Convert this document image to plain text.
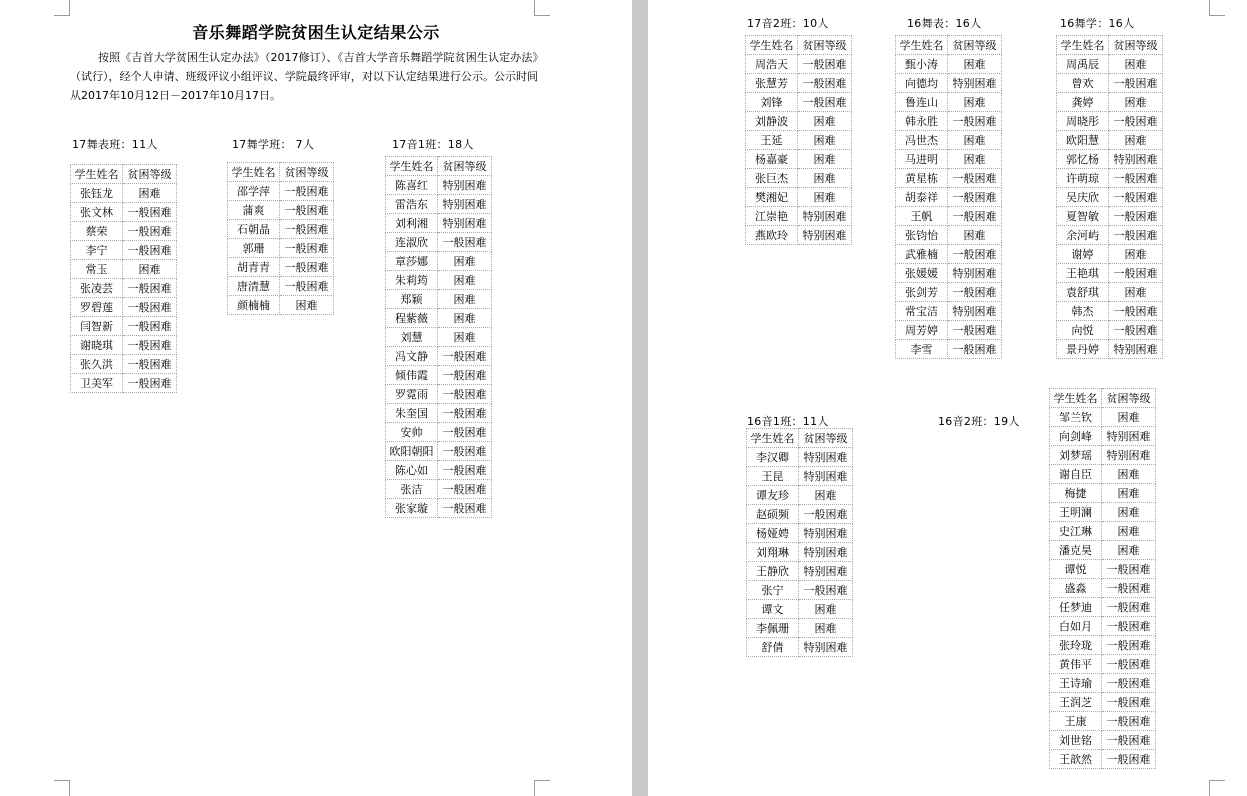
音乐舞蹈学院贫困生认定结果公示
按照《吉首大学贫困生认定办法》（2017修订）、《吉首大学音乐舞蹈学院贫困生认定办法》（试行），经个人申请、班级评议小组评议、学院最终评审，对以下认定结果进行公示。公示时间从2017年10月12日－2017年10月17日。
17舞表班：11人
学生姓名	贫困等级
张钰龙	困难
张文林	一般困难
蔡荣	一般困难
李宁	一般困难
常玉	困难
张凌芸	一般困难
罗碧莲	一般困难
闫智新	一般困难
谢晓琪	一般困难
张久洪	一般困难
卫美军	一般困难
17舞学班： 7人
学生姓名	贫困等级
邵学萍	一般困难
蒲爽	一般困难
石朝晶	一般困难
郭珊	一般困难
胡青青	一般困难
唐清慧	一般困难
颜楠楠	困难
17音1班：18人
学生姓名	贫困等级
陈喜红	特别困难
雷浩东	特别困难
刘利湘	特别困难
连淑欣	一般困难
章莎娜	困难
朱莉筠	困难
郑颖	困难
程紫薇	困难
刘慧	困难
冯文静	一般困难
倾伟霞	一般困难
罗霓雨	一般困难
朱奎国	一般困难
安帅	一般困难
欧阳朝阳	一般困难
陈心如	一般困难
张洁	一般困难
张家璇	一般困难
17音2班：10人
学生姓名	贫困等级
周浩天	一般困难
张慧芳	一般困难
刘锋	一般困难
刘静波	困难
王延	困难
杨嘉豪	困难
张巨杰	困难
樊湘妃	困难
江崇艳	特别困难
燕欧玲	特别困难
16舞表：16人
学生姓名	贫困等级
甄小涛	困难
向德均	特别困难
鲁连山	困难
韩永胜	一般困难
冯世杰	困难
马进明	困难
黄星栋	一般困难
胡泰祥	一般困难
王帆	一般困难
张钧怡	困难
武雅楠	一般困难
张媛媛	特别困难
张剑芳	一般困难
常宝洁	特别困难
周芳婷	一般困难
李雪	一般困难
16舞学：16人
学生姓名	贫困等级
周禹辰	困难
曾欢	一般困难
龚婷	困难
周晓彤	一般困难
欧阳慧	困难
郭忆杨	特别困难
许萌琼	一般困难
吴庆欣	一般困难
夏智敏	一般困难
余河屿	一般困难
谢婷	困难
王艳琪	一般困难
袁舒琪	困难
韩杰	一般困难
向悦	一般困难
景丹婷	特别困难
16音1班：11人
学生姓名	贫困等级
李汉卿	特别困难
王昆	特别困难
谭友珍	困难
赵硕频	一般困难
杨娅娉	特别困难
刘翔琳	特别困难
王静欣	特别困难
张宁	一般困难
谭文	困难
李佩珊	困难
舒倩	特别困难
16音2班：19人
学生姓名	贫困等级
邹兰钦	困难
向剑峰	特别困难
刘梦瑶	特别困难
谢自臣	困难
梅捷	困难
王明澜	困难
史江琳	困难
潘克昊	困难
谭悦	一般困难
盛淼	一般困难
任梦迪	一般困难
白如月	一般困难
张玲珑	一般困难
黄伟平	一般困难
王诗瑜	一般困难
王润芝	一般困难
王康	一般困难
刘世铭	一般困难
王歆然	一般困难
